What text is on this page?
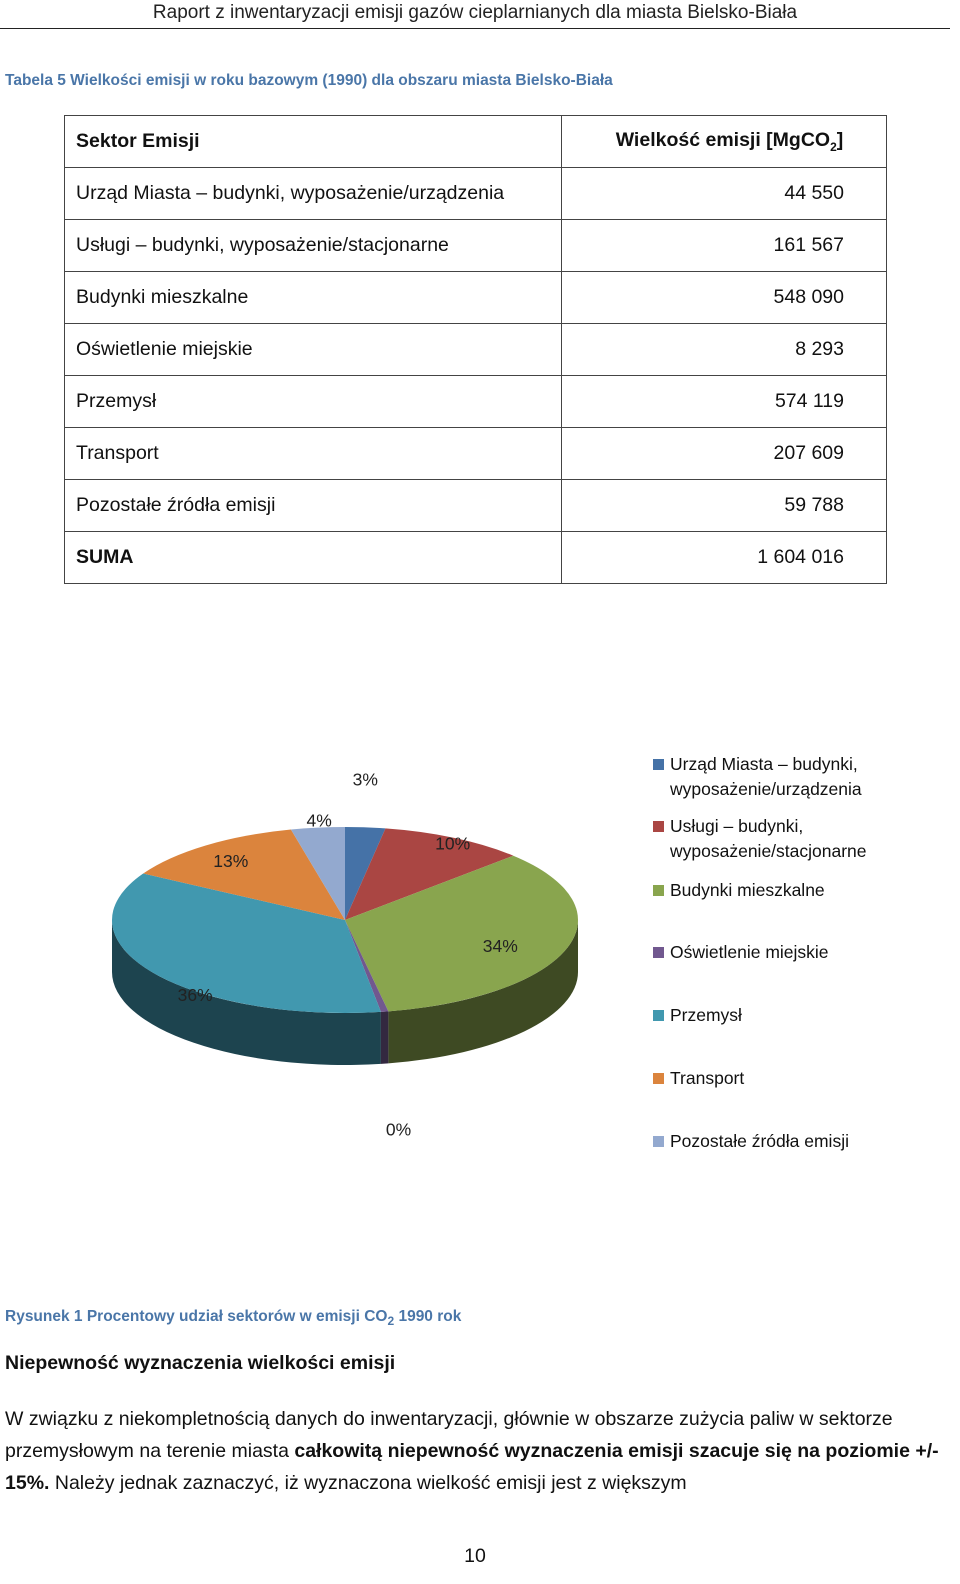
Raport z inwentaryzacji emisji gazów cieplarnianych dla miasta Bielsko-Biała
Tabela 5 Wielkości emisji w roku bazowym (1990) dla obszaru miasta Bielsko-Biała
Sektor Emisji	Wielkość emisji [MgCO$_2$]
Urząd Miasta – budynki, wyposażenie/urządzenia	44 550
Usługi – budynki, wyposażenie/stacjonarne	161 567
Budynki mieszkalne	548 090
Oświetlenie miejskie	8 293
Przemysł	574 119
Transport	207 609
Pozostałe źródła emisji	59 788
SUMA	1 604 016
3%
10%
34%
0%
36%
13%
4%
Urząd Miasta – budynki, wyposażenie/urządzenia
Usługi – budynki, wyposażenie/stacjonarne
Budynki mieszkalne
Oświetlenie miejskie
Przemysł
Transport
Pozostałe źródła emisji
Rysunek 1 Procentowy udział sektorów w emisji $CO_2$ 1990 rok
Niepewność wyznaczenia wielkości emisji
W związku z niekompletnością danych do inwentaryzacji, głównie w obszarze zużycia paliw w sektorze przemysłowym na terenie miasta całkowitą niepewność wyznaczenia emisji szacuje się na poziomie +/- 15%. Należy jednak zaznaczyć, iż wyznaczona wielkość emisji jest z większym
10
